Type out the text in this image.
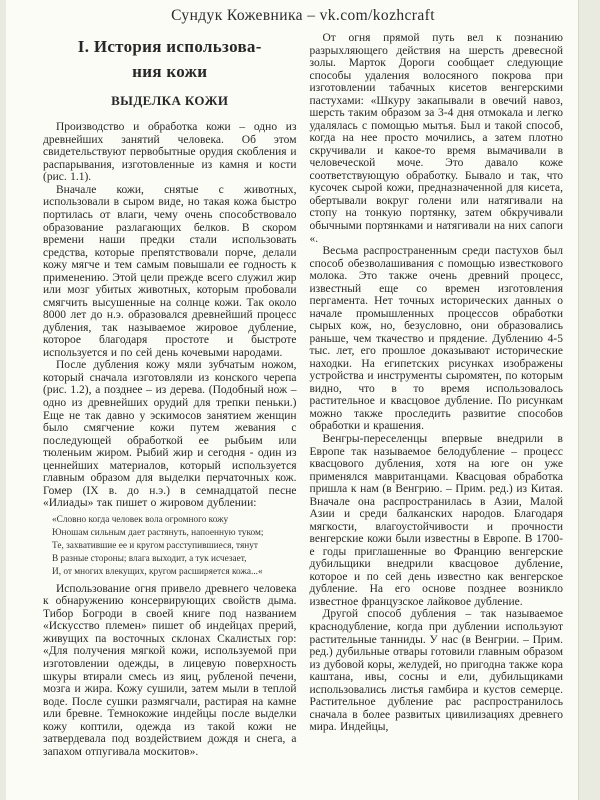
Сундук Кожевника – vk.com/kozhcraft
I. История использова-
ния кожи
ВЫДЕЛКА КОЖИ

Производство и обработка кожи – одно из древнейших занятий человека. Об этом свидетельствуют первобытные орудия скобления и распарывания, изготовленные из камня и кости (рис. 1.1).

Вначале кожи, снятые с животных, использовали в сыром виде, но такая кожа быстро портилась от влаги, чему очень способствовало образование разлагающих белков. В скором времени наши предки стали использовать средства, которые препятствовали порче, делали кожу мягче и тем самым повышали ее годность к применению. Этой цели прежде всего служил жир или мозг убитых животных, которым пробовали смягчить высушенные на солнце кожи. Так около 8000 лет до н.э. образовался древнейший процесс дубления, так называемое жировое дубление, которое благодаря простоте и быстроте используется и по сей день кочевыми народами.

После дубления кожу мяли зубчатым ножом, который сначала изготовляли из конского черепа (рис. 1.2), а позднее – из дерева. (Подобный нож – одно из древнейших орудий для трепки пеньки.) Еще не так давно у эскимосов занятием женщин было смягчение кожи путем жевания с последующей обработкой ее рыбьим или тюленьим жиром. Рыбий жир и сегодня - один из ценнейших материалов, который используется главным образом для выделки перчаточных кож. Гомер (IX в. до н.э.) в семнадцатой песне «Илиады» так пишет о жировом дублении:

«Словно когда человек вола огромного кожу
Юношам сильным дает растянуть, напоенную туком;
Те, захватившие ее и кругом расступившиеся, тянут
В разные стороны; влага выходит, а тук исчезает,
И, от многих влекущих, кругом расширяется кожа...«

Использование огня привело древнего человека к обнаружению консервирующих свойств дыма. Тибор Богроди в своей книге под названием «Искусство племен» пишет об индейцах прерий, живущих па восточных склонах Скалистых гор: «Для получения мягкой кожи, используемой при изготовлении одежды, в лицевую поверхность шкуры втирали смесь из яиц, рубленой печени, мозга и жира. Кожу сушили, затем мыли в теплой воде. После сушки размягчали, растирая на камне или бревне. Темнокожие индейцы после выделки кожу коптили, одежда из такой кожи не затвердевала под воздействием дождя и снега, а запахом отпугивала москитов».

От огня прямой путь вел к познанию разрыхляющего действия на шерсть древесной золы. Марток Дороги сообщает следующие способы удаления волосяного покрова при изготовлении табачных кисетов венгерскими пастухами: «Шкуру закапывали в овечий навоз, шерсть таким образом за 3-4 дня отмокала и легко удалялась с помощью мытья. Был и такой способ, когда на нее просто мочились, а затем плотно скручивали и какое-то время вымачивали в человеческой моче. Это давало коже соответствующую обработку. Бывало и так, что кусочек сырой кожи, предназначенной для кисета, обертывали вокруг голени или натягивали на стопу на тонкую портянку, затем обкручивали обычными портянками и натягивали на них сапоги «.

Весьма распространенным среди пастухов был способ обезволашивания с помощью известкового молока. Это также очень древний процесс, известный еще со времен изготовления пергамента. Нет точных исторических данных о начале промышленных процессов обработки сырых кож, но, безусловно, они образовались раньше, чем ткачество и прядение. Дублению 4-5 тыс. лет, его прошлое доказывают исторические находки. На египетских рисунках изображены устройства и инструменты сыромятен, по которым видно, что в то время использовалось растительное и квасцовое дубление. По рисункам можно также проследить развитие способов обработки и крашения.

Венгры-переселенцы впервые внедрили в Европе так называемое белодубление – процесс квасцового дубления, хотя на юге он уже применялся мавританцами. Квасцовая обработка пришла к нам (в Венгрию. – Прим. ред.) из Китая. Вначале она распространилась в Азии, Малой Азии и среди балканских народов. Благодаря мягкости, влагоустойчивости и прочности венгерские кожи были известны в Европе. В 1700-е годы приглашенные во Францию венгерские дубильщики внедрили квасцовое дубление, которое и по сей день известно как венгерское дубление. На его основе позднее возникло известное французское лайковое дубление.

Другой способ дубления – так называемое краснодубление, когда при дублении используют растительные танниды. У нас (в Венгрии. – Прим. ред.) дубильные отвары готовили главным образом из дубовой коры, желудей, но пригодна также кора каштана, ивы, сосны и ели, дубильщиками использовались листья гамбира и кустов семерце. Растительное дубление рас распространилось сначала в более развитых цивилизациях древнего мира. Индейцы,
